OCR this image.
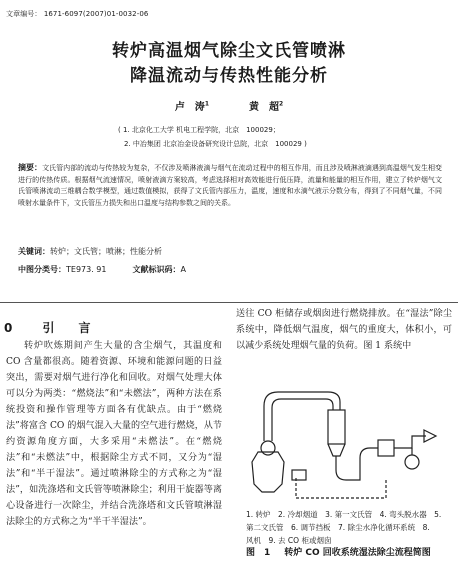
文章编号： 1671-6097(2007)01-0032-06
转炉高温烟气除尘文氏管喷淋
降温流动与传热性能分析
卢　涛$^1$	黄　超$^2$
( 1. 北京化工大学 机电工程学院，北京　100029；
2. 中冶集团 北京冶金设备研究设计总院，北京　100029 )
摘要：文氏管内部的流动与传热较为复杂，不仅涉及喷淋液滴与烟气在流动过程中的相互作用，而且涉及喷淋液滴遇到高温烟气发生相变进行的传热传质。根据烟气流速情况，喷射液滴方案较高，考虑选择相对高效能进行低压降，流量和能量的相互作用，建立了转炉烟气文氏管喷淋流动三维耦合数学模型，通过数值模拟，获得了文氏管内部压力，温度，速度和水滴气液示分数分布，得到了不同烟气量，不同喷射水量条件下，文氏管压力损失和出口温度与结构参数之间的关系。
关键词：转炉；文氏管；喷淋；性能分析
中图分类号：TE973. 91	文献标识码：A
0 引　言
转炉吹炼期间产生大量的含尘烟气，其温度和 CO 含量都很高。随着资源、环境和能源问题的日益突出，需要对烟气进行净化和回收。对烟气处理大体可以分为两类：“燃烧法”和“未燃法”，两种方法在系统投资和操作管理等方面各有优缺点。由于“燃烧法”将富含 CO 的烟气混入大量的空气进行燃烧，从节约资源角度方面，大多采用“未燃法”。在“燃烧法”和“未燃法”中，根据除尘方式不同，又分为“湿法”和“半干湿法”。通过喷淋除尘的方式称之为“湿法”，如洗涤塔和文氏管等喷淋除尘；利用干旋器等离心设备进行一次除尘，并结合洗涤塔和文氏管喷淋湿法除尘的方式称之为“半干半湿法”。
送往 CO 柜储存或烟囱进行燃烧排放。在“湿法”除尘系统中，降低烟气温度，烟气的重度大，体积小，可以减少系统处理烟气量的负荷。图 1 系统中
1. 转炉　2. 冷却烟道　3. 第一文氏管　4. 弯头脱水器　5.
第二文氏管　6. 调节挡板　7. 除尘水净化循环系统　8.
风机　9. 去 CO 柜或烟囱
图　1 转炉 CO 回收系统湿法除尘流程简图
